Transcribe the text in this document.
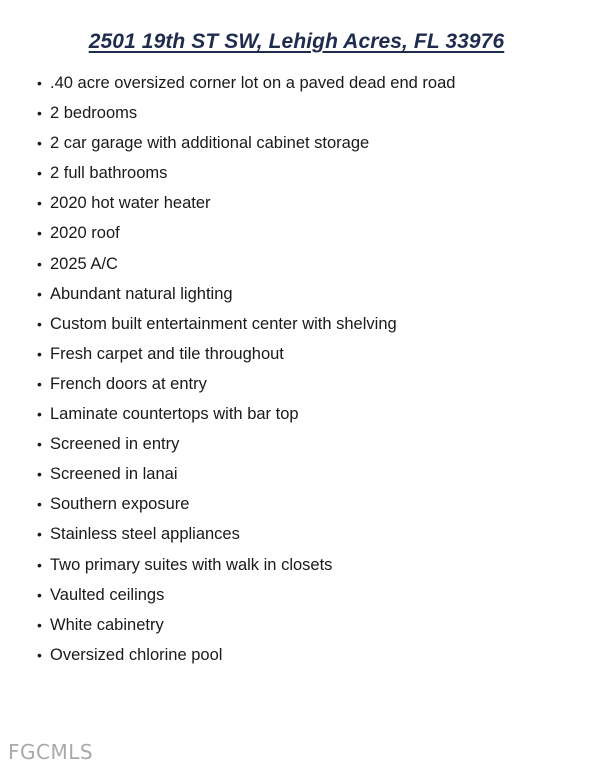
2501 19th ST SW, Lehigh Acres, FL 33976
• .40 acre oversized corner lot on a paved dead end road
• 2 bedrooms
• 2 car garage with additional cabinet storage
• 2 full bathrooms
• 2020 hot water heater
• 2020 roof
• 2025 A/C
• Abundant natural lighting
• Custom built entertainment center with shelving
• Fresh carpet and tile throughout
• French doors at entry
• Laminate countertops with bar top
• Screened in entry
• Screened in lanai
• Southern exposure
• Stainless steel appliances
• Two primary suites with walk in closets
• Vaulted ceilings
• White cabinetry
• Oversized chlorine pool
FGCMLS
